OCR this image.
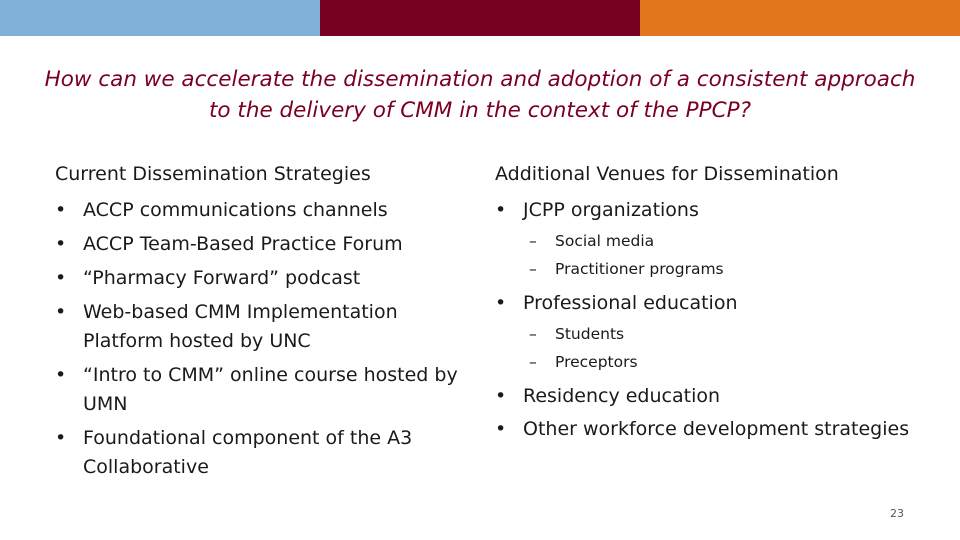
How can we accelerate the dissemination and adoption of a consistent approach to the delivery of CMM in the context of the PPCP?

Current Dissemination Strategies

• ACCP communications channels
• ACCP Team-Based Practice Forum
• “Pharmacy Forward” podcast
• Web-based CMM Implementation Platform hosted by UNC
• “Intro to CMM” online course hosted by UMN
• Foundational component of the A3 Collaborative

Additional Venues for Dissemination

• JCPP organizations
– Social media
– Practitioner programs
• Professional education
– Students
– Preceptors
• Residency education
• Other workforce development strategies
23
